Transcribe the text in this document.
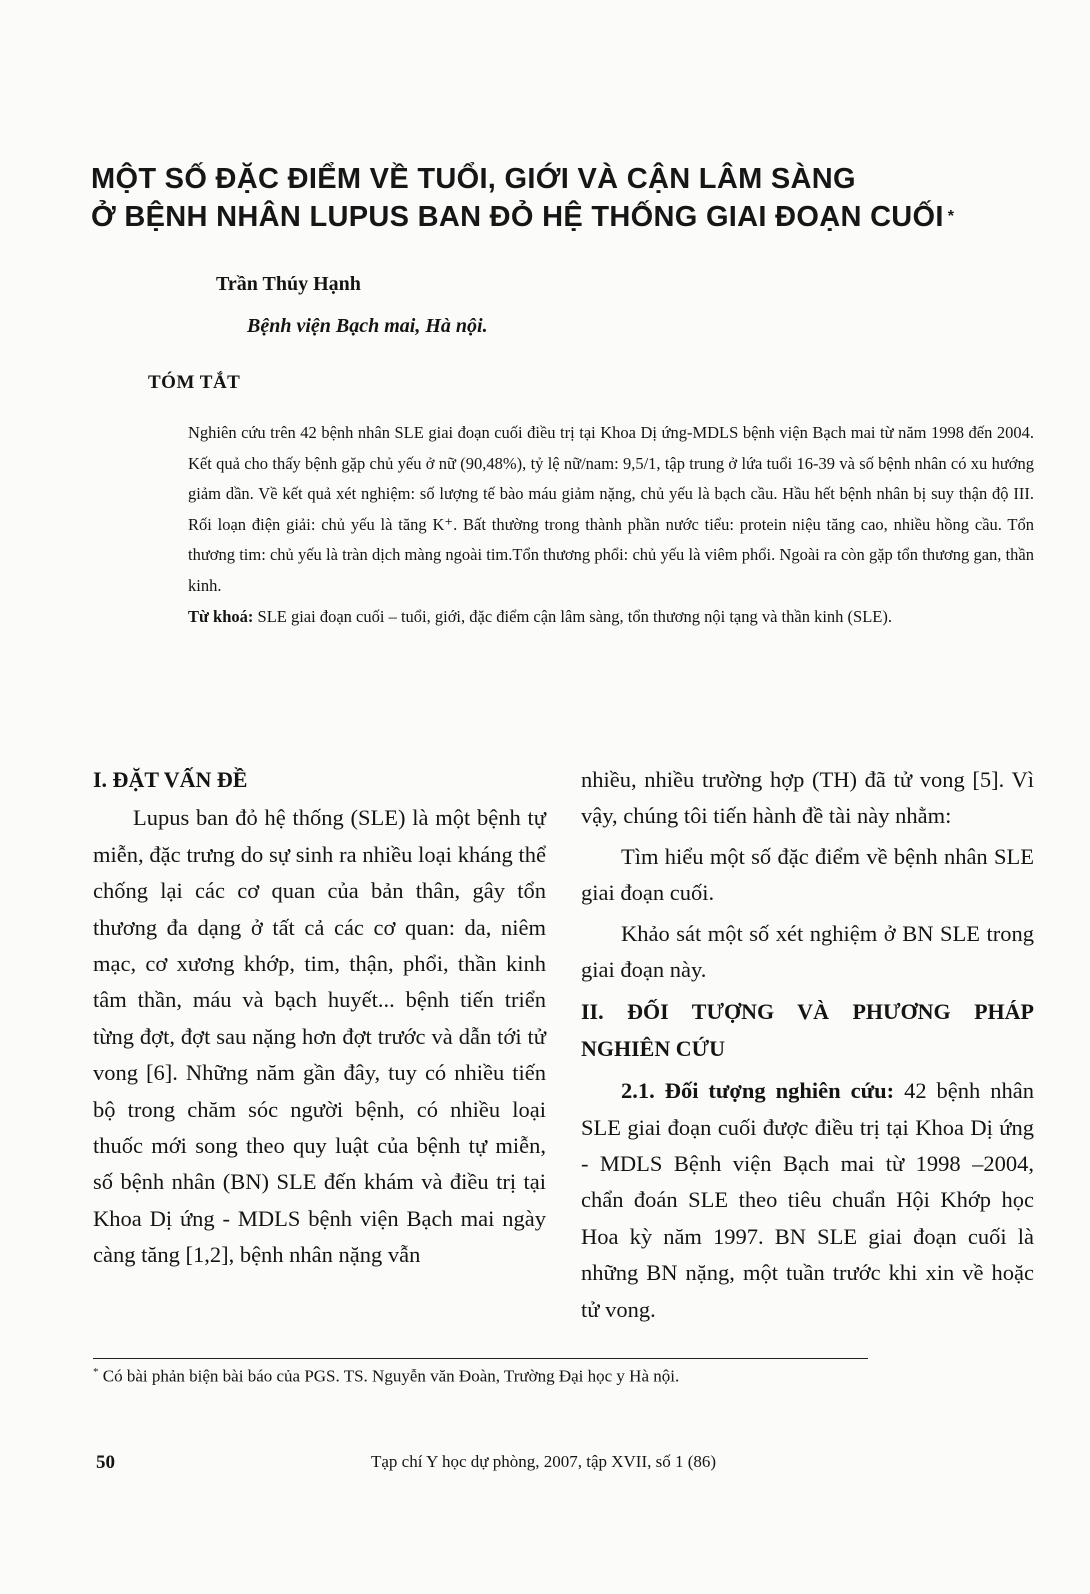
MỘT SỐ ĐẶC ĐIỂM VỀ TUỔI, GIỚI VÀ CẬN LÂM SÀNG
Ở BỆNH NHÂN LUPUS BAN ĐỎ HỆ THỐNG GIAI ĐOẠN CUỐI *
Trần Thúy Hạnh
Bệnh viện Bạch mai, Hà nội.
TÓM TẮT

Nghiên cứu trên 42 bệnh nhân SLE giai đoạn cuối điều trị tại Khoa Dị ứng-MDLS bệnh viện Bạch mai từ năm 1998 đến 2004. Kết quả cho thấy bệnh gặp chủ yếu ở nữ (90,48%), tỷ lệ nữ/nam: 9,5/1, tập trung ở lứa tuổi 16-39 và số bệnh nhân có xu hướng giảm dần. Về kết quả xét nghiệm: số lượng tế bào máu giảm nặng, chủ yếu là bạch cầu. Hầu hết bệnh nhân bị suy thận độ III. Rối loạn điện giải: chủ yếu là tăng K⁺. Bất thường trong thành phần nước tiểu: protein niệu tăng cao, nhiều hồng cầu. Tổn thương tim: chủ yếu là tràn dịch màng ngoài tim.Tổn thương phổi: chủ yếu là viêm phổi. Ngoài ra còn gặp tổn thương gan, thần kinh.

Từ khoá: SLE giai đoạn cuối – tuổi, giới, đặc điểm cận lâm sàng, tổn thương nội tạng và thần kinh (SLE).

I. ĐẶT VẤN ĐỀ

Lupus ban đỏ hệ thống (SLE) là một bệnh tự miễn, đặc trưng do sự sinh ra nhiều loại kháng thể chống lại các cơ quan của bản thân, gây tổn thương đa dạng ở tất cả các cơ quan: da, niêm mạc, cơ xương khớp, tim, thận, phổi, thần kinh tâm thần, máu và bạch huyết... bệnh tiến triển từng đợt, đợt sau nặng hơn đợt trước và dẫn tới tử vong [6]. Những năm gần đây, tuy có nhiều tiến bộ trong chăm sóc người bệnh, có nhiều loại thuốc mới song theo quy luật của bệnh tự miễn, số bệnh nhân (BN) SLE đến khám và điều trị tại Khoa Dị ứng - MDLS bệnh viện Bạch mai ngày càng tăng [1,2], bệnh nhân nặng vẫn

nhiều, nhiều trường hợp (TH) đã tử vong [5]. Vì vậy, chúng tôi tiến hành đề tài này nhằm:

Tìm hiểu một số đặc điểm về bệnh nhân SLE giai đoạn cuối.

Khảo sát một số xét nghiệm ở BN SLE trong giai đoạn này.

II. ĐỐI TƯỢNG VÀ PHƯƠNG PHÁP NGHIÊN CỨU

2.1. Đối tượng nghiên cứu: 42 bệnh nhân SLE giai đoạn cuối được điều trị tại Khoa Dị ứng - MDLS Bệnh viện Bạch mai từ 1998 –2004, chẩn đoán SLE theo tiêu chuẩn Hội Khớp học Hoa kỳ năm 1997. BN SLE giai đoạn cuối là những BN nặng, một tuần trước khi xin về hoặc tử vong.

* Có bài phản biện bài báo của PGS. TS. Nguyễn văn Đoàn, Trường Đại học y Hà nội.
50	Tạp chí Y học dự phòng, 2007, tập XVII, số 1 (86)
